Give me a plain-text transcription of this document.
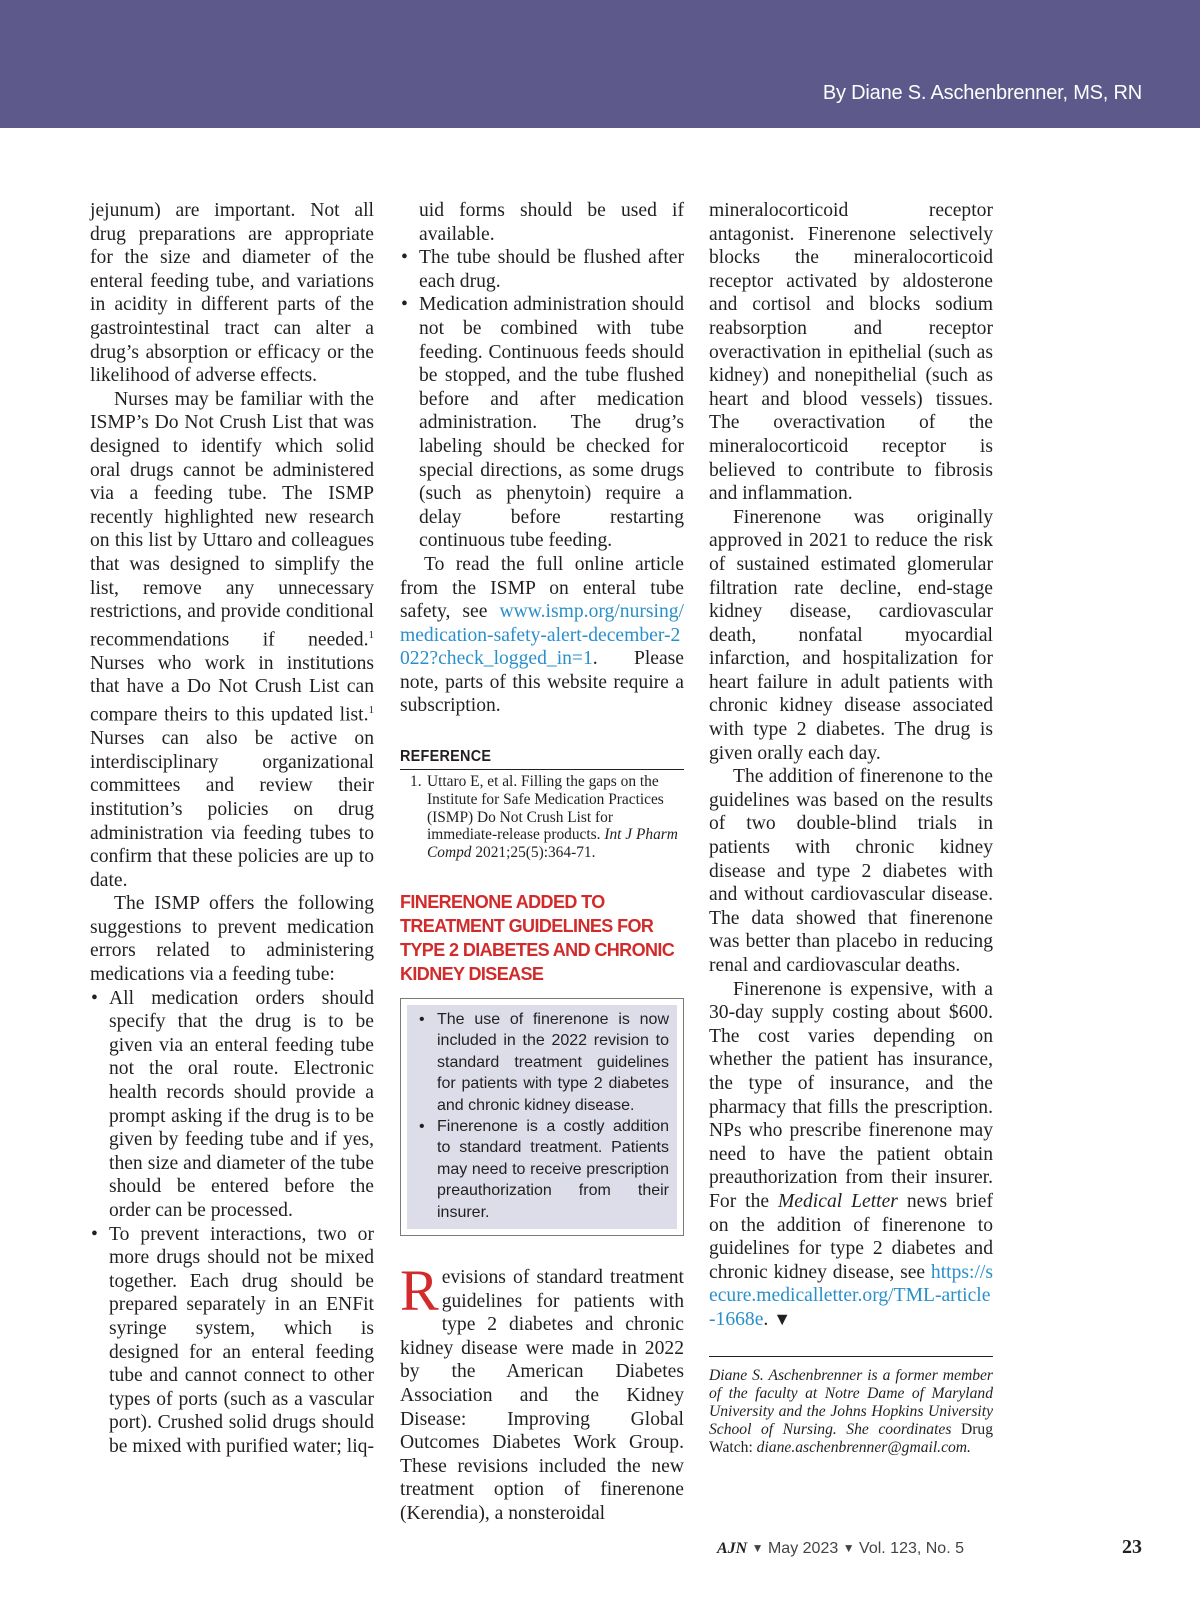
By Diane S. Aschenbrenner, MS, RN

jejunum) are important. Not all drug preparations are appropriate for the size and diameter of the enteral feeding tube, and variations in acidity in different parts of the gastrointestinal tract can alter a drug’s absorption or efficacy or the likelihood of adverse effects.

Nurses may be familiar with the ISMP’s Do Not Crush List that was designed to identify which solid oral drugs cannot be administered via a feeding tube. The ISMP recently highlighted new research on this list by Uttaro and colleagues that was designed to simplify the list, remove any unnecessary restrictions, and provide conditional recommendations if needed.$^1$ Nurses who work in institutions that have a Do Not Crush List can compare theirs to this updated list.$^1$ Nurses can also be active on interdisciplinary organizational committees and review their institution’s policies on drug administration via feeding tubes to confirm that these policies are up to date.

The ISMP offers the following suggestions to prevent medication errors related to administering medications via a feeding tube:

• All medication orders should specify that the drug is to be given via an enteral feeding tube not the oral route. Electronic health records should provide a prompt asking if the drug is to be given by feeding tube and if yes, then size and diameter of the tube should be entered before the order can be processed.
• To prevent interactions, two or more drugs should not be mixed together. Each drug should be prepared separately in an ENFit syringe system, which is designed for an enteral feeding tube and cannot connect to other types of ports (such as a vascular port). Crushed solid drugs should be mixed with purified water; liq-

uid forms should be used if available.

• The tube should be flushed after each drug.
• Medication administration should not be combined with tube feeding. Continuous feeds should be stopped, and the tube flushed before and after medication administration. The drug’s labeling should be checked for special directions, as some drugs (such as phenytoin) require a delay before restarting continuous tube feeding.

To read the full online article from the ISMP on enteral tube safety, see www.ismp.org/nursing/medication-safety-alert-december-2022?check_logged_in=1. Please note, parts of this website require a subscription.

REFERENCE
1. Uttaro E, et al. Filling the gaps on the Institute for Safe Medication Practices (ISMP) Do Not Crush List for immediate-release products. Int J Pharm Compd 2021;25(5):364-71.
FINERENONE ADDED TO TREATMENT GUIDELINES FOR TYPE 2 DIABETES AND CHRONIC KIDNEY DISEASE
• The use of finerenone is now included in the 2022 revision to standard treatment guidelines for patients with type 2 diabetes and chronic kidney disease.
• Finerenone is a costly addition to standard treatment. Patients may need to receive prescription preauthorization from their insurer.

Revisions of standard treatment guidelines for patients with type 2 diabetes and chronic kidney disease were made in 2022 by the American Diabetes Association and the Kidney Disease: Improving Global Outcomes Diabetes Work Group. These revisions included the new treatment option of finerenone (Kerendia), a nonsteroidal

mineralocorticoid receptor antagonist. Finerenone selectively blocks the mineralocorticoid receptor activated by aldosterone and cortisol and blocks sodium reabsorption and receptor overactivation in epithelial (such as kidney) and nonepithelial (such as heart and blood vessels) tissues. The overactivation of the mineralocorticoid receptor is believed to contribute to fibrosis and inflammation.

Finerenone was originally approved in 2021 to reduce the risk of sustained estimated glomerular filtration rate decline, end-stage kidney disease, cardiovascular death, nonfatal myocardial infarction, and hospitalization for heart failure in adult patients with chronic kidney disease associated with type 2 diabetes. The drug is given orally each day.

The addition of finerenone to the guidelines was based on the results of two double-blind trials in patients with chronic kidney disease and type 2 diabetes with and without cardiovascular disease. The data showed that finerenone was better than placebo in reducing renal and cardiovascular deaths.

Finerenone is expensive, with a 30-day supply costing about $600. The cost varies depending on whether the patient has insurance, the type of insurance, and the pharmacy that fills the prescription. NPs who prescribe finerenone may need to have the patient obtain preauthorization from their insurer. For the Medical Letter news brief on the addition of finerenone to guidelines for type 2 diabetes and chronic kidney disease, see https://secure.medicalletter.org/TML-article-1668e. ▼

Diane S. Aschenbrenner is a former member of the faculty at Notre Dame of Maryland University and the Johns Hopkins University School of Nursing. She coordinates Drug Watch: diane.aschenbrenner@gmail.com.
AJN ▼ May 2023 ▼ Vol. 123, No. 5	23
